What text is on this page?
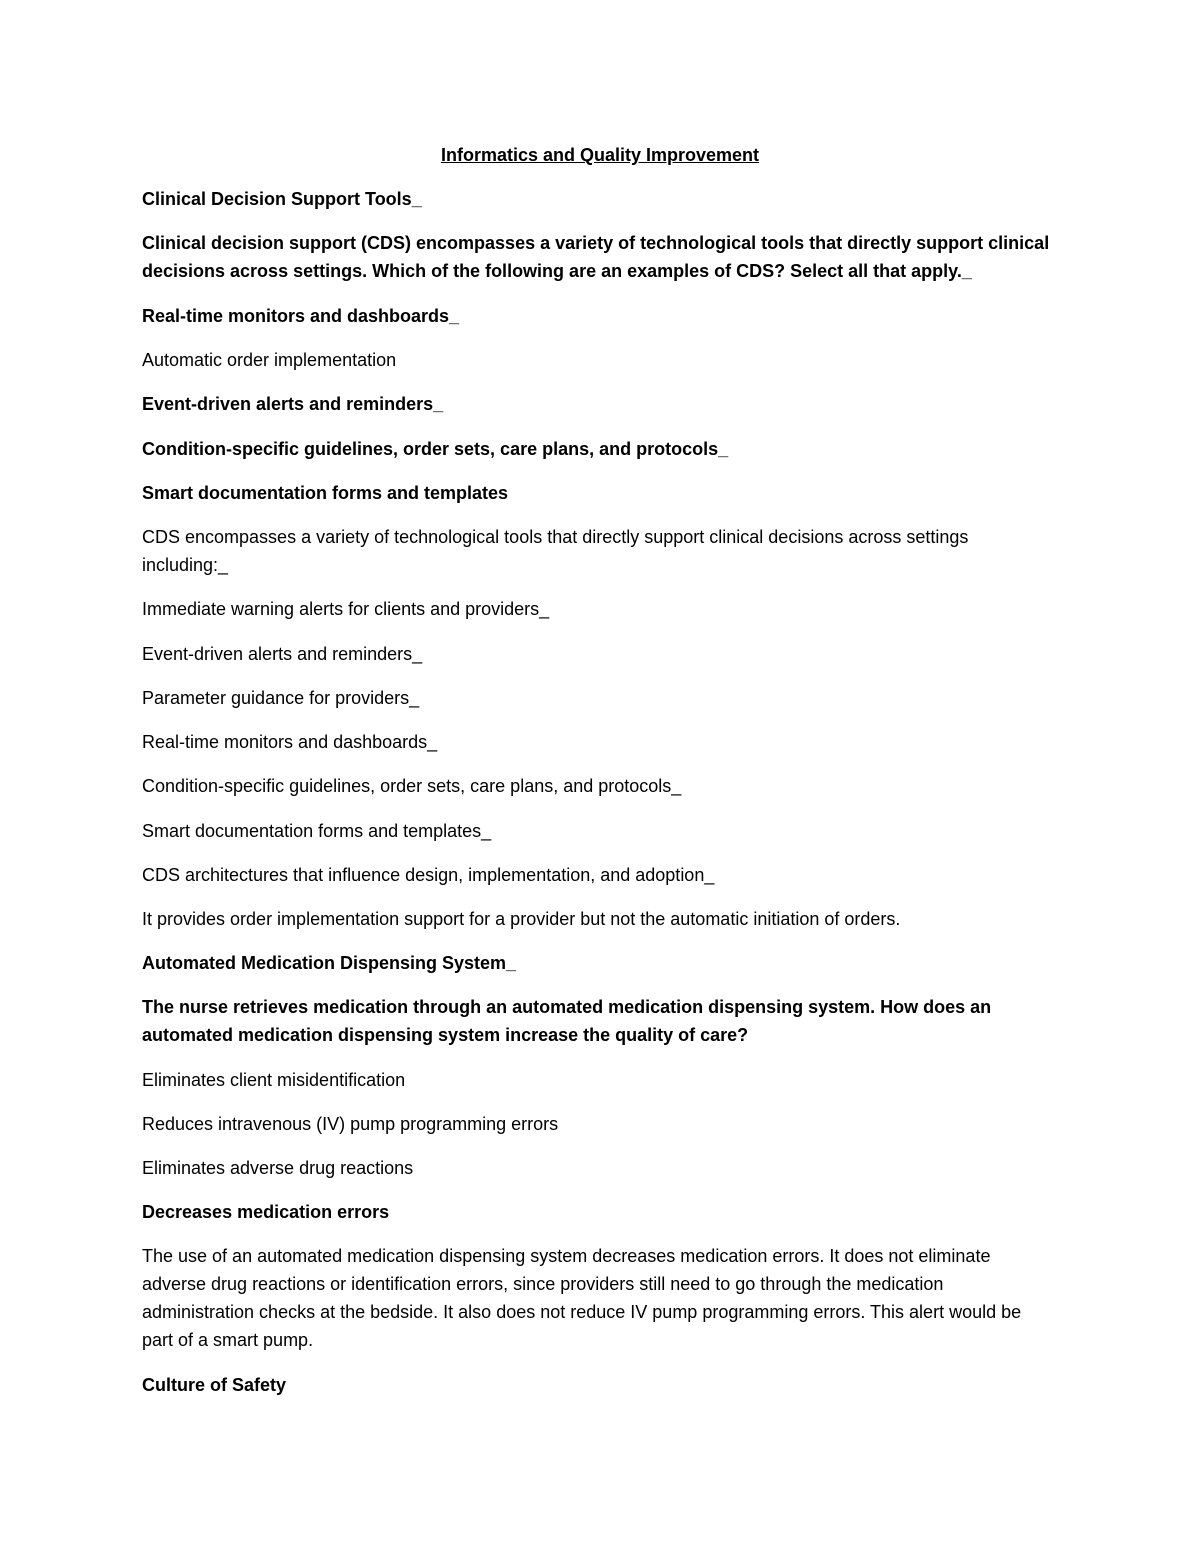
Informatics and Quality Improvement
Clinical Decision Support Tools_
Clinical decision support (CDS) encompasses a variety of technological tools that directly support clinical decisions across settings. Which of the following are an examples of CDS? Select all that apply._
Real-time monitors and dashboards_
Automatic order implementation
Event-driven alerts and reminders_
Condition-specific guidelines, order sets, care plans, and protocols_
Smart documentation forms and templates
CDS encompasses a variety of technological tools that directly support clinical decisions across settings including:_
Immediate warning alerts for clients and providers_
Event-driven alerts and reminders_
Parameter guidance for providers_
Real-time monitors and dashboards_
Condition-specific guidelines, order sets, care plans, and protocols_
Smart documentation forms and templates_
CDS architectures that influence design, implementation, and adoption_
It provides order implementation support for a provider but not the automatic initiation of orders.
Automated Medication Dispensing System_
The nurse retrieves medication through an automated medication dispensing system. How does an automated medication dispensing system increase the quality of care?
Eliminates client misidentification
Reduces intravenous (IV) pump programming errors
Eliminates adverse drug reactions
Decreases medication errors
The use of an automated medication dispensing system decreases medication errors. It does not eliminate adverse drug reactions or identification errors, since providers still need to go through the medication administration checks at the bedside. It also does not reduce IV pump programming errors. This alert would be part of a smart pump.
Culture of Safety
